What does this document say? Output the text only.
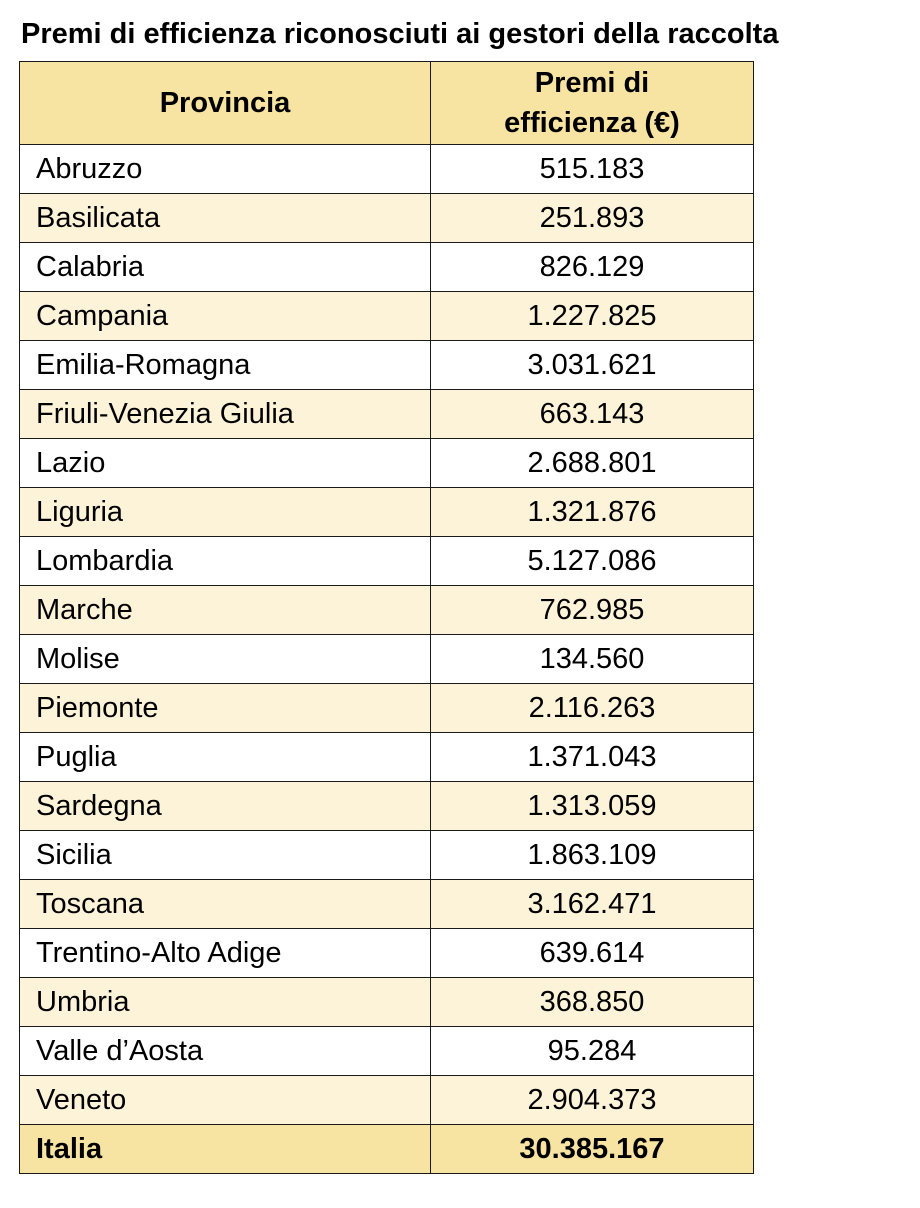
Premi di efficienza riconosciuti ai gestori della raccolta
Provincia	Premi di
efficienza (€)
Abruzzo	515.183
Basilicata	251.893
Calabria	826.129
Campania	1.227.825
Emilia-Romagna	3.031.621
Friuli-Venezia Giulia	663.143
Lazio	2.688.801
Liguria	1.321.876
Lombardia	5.127.086
Marche	762.985
Molise	134.560
Piemonte	2.116.263
Puglia	1.371.043
Sardegna	1.313.059
Sicilia	1.863.109
Toscana	3.162.471
Trentino-Alto Adige	639.614
Umbria	368.850
Valle d’Aosta	95.284
Veneto	2.904.373
Italia	30.385.167
